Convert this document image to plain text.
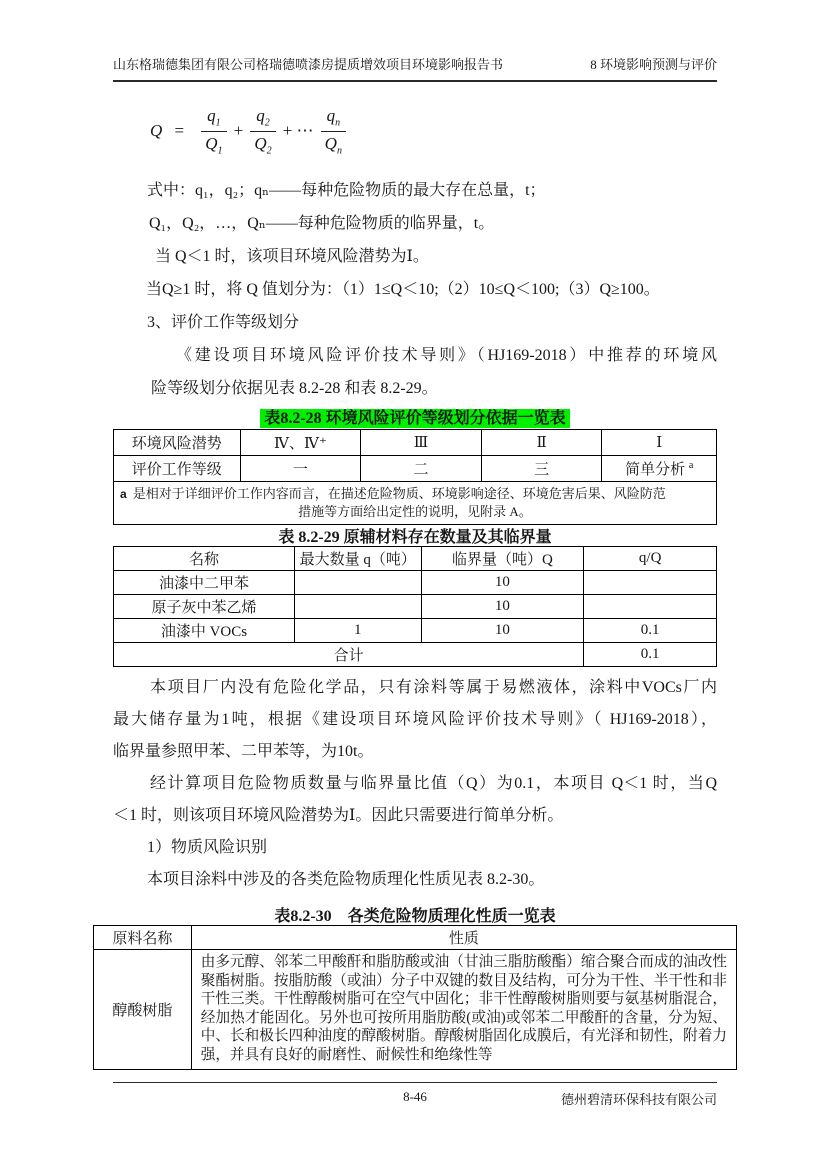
山东格瑞德集团有限公司格瑞德喷漆房提质增效项目环境影响报告书	8 环境影响预测与评价
$Q = \frac{q_1}{Q_1} + \frac{q_2}{Q_2}$ + ⋯ $\frac{q_n}{Q_n}$
式中：q₁，q₂；qₙ——每种危险物质的最大存在总量，t；
Q₁，Q₂，…，Qₙ——每种危险物质的临界量，t。
当 Q＜1 时，该项目环境风险潜势为Ⅰ。
当Q≥1 时，将 Q 值划分为：（1）1≤Q＜10;（2）10≤Q＜100;（3）Q≥100。
3、评价工作等级划分
《建设项目环境风险评价技术导则》（HJ169-2018）中推荐的环境风
险等级划分依据见表 8.2-28 和表 8.2-29。
表8.2-28 环境风险评价等级划分依据一览表
环境风险潜势	Ⅳ、Ⅳ⁺	Ⅲ	Ⅱ	Ⅰ
评价工作等级	一	二	三	简单分析 $^a$

a 是相对于详细评价工作内容而言，在描述危险物质、环境影响途径、环境危害后果、风险防范
措施等方面给出定性的说明，见附录 A。				
表 8.2-29 原辅材料存在数量及其临界量
名称	最大数量 q（吨）	临界量（吨）Q	q/Q
油漆中二甲苯		10	
原子灰中苯乙烯		10	
油漆中 VOCs	1	10	0.1
合计			0.1
本项目厂内没有危险化学品，只有涂料等属于易燃液体，涂料中VOCs厂内
最大储存量为1吨，根据《建设项目环境风险评价技术导则》（ HJ169-2018），
临界量参照甲苯、二甲苯等，为10t。
经计算项目危险物质数量与临界量比值（Q）为0.1，本项目 Q＜1 时，当Q
＜1 时，则该项目环境风险潜势为Ⅰ。因此只需要进行简单分析。
1）物质风险识别
本项目涂料中涉及的各类危险物质理化性质见表 8.2-30。
表8.2-30　各类危险物质理化性质一览表
原料名称	性质
醇酸树脂	由多元醇、邻苯二甲酸酐和脂肪酸或油（甘油三脂肪酸酯）缩合聚合而成的油改性聚酯树脂。按脂肪酸（或油）分子中双键的数目及结构，可分为干性、半干性和非干性三类。干性醇酸树脂可在空气中固化；非干性醇酸树脂则要与氨基树脂混合，经加热才能固化。另外也可按所用脂肪酸(或油)或邻苯二甲酸酐的含量，分为短、中、长和极长四种油度的醇酸树脂。醇酸树脂固化成膜后，有光泽和韧性，附着力强，并具有良好的耐磨性、耐候性和绝缘性等
8-46	德州碧清环保科技有限公司
